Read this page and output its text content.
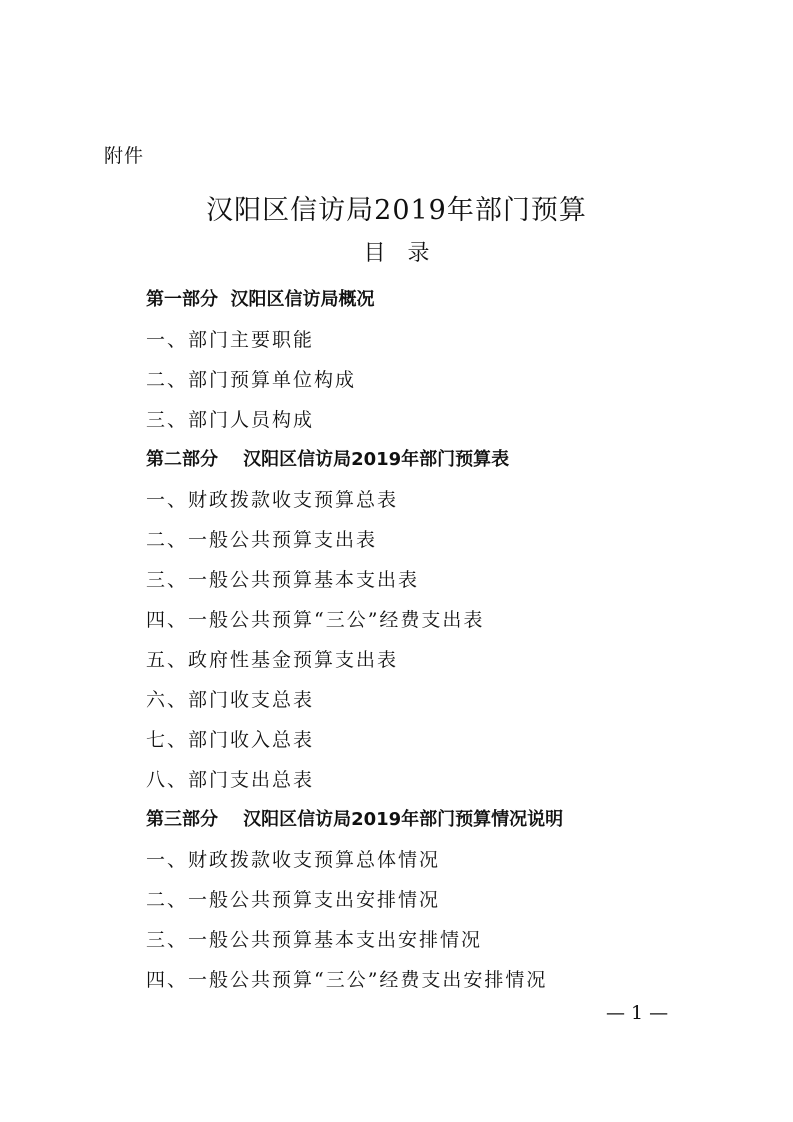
附件
汉阳区信访局2019年部门预算
目录
第一部分  汉阳区信访局概况
一、部门主要职能
二、部门预算单位构成
三、部门人员构成
第二部分    汉阳区信访局2019年部门预算表
一、财政拨款收支预算总表
二、一般公共预算支出表
三、一般公共预算基本支出表
四、一般公共预算“三公”经费支出表
五、政府性基金预算支出表
六、部门收支总表
七、部门收入总表
八、部门支出总表
第三部分    汉阳区信访局2019年部门预算情况说明
一、财政拨款收支预算总体情况
二、一般公共预算支出安排情况
三、一般公共预算基本支出安排情况
四、一般公共预算“三公”经费支出安排情况
— 1 —
